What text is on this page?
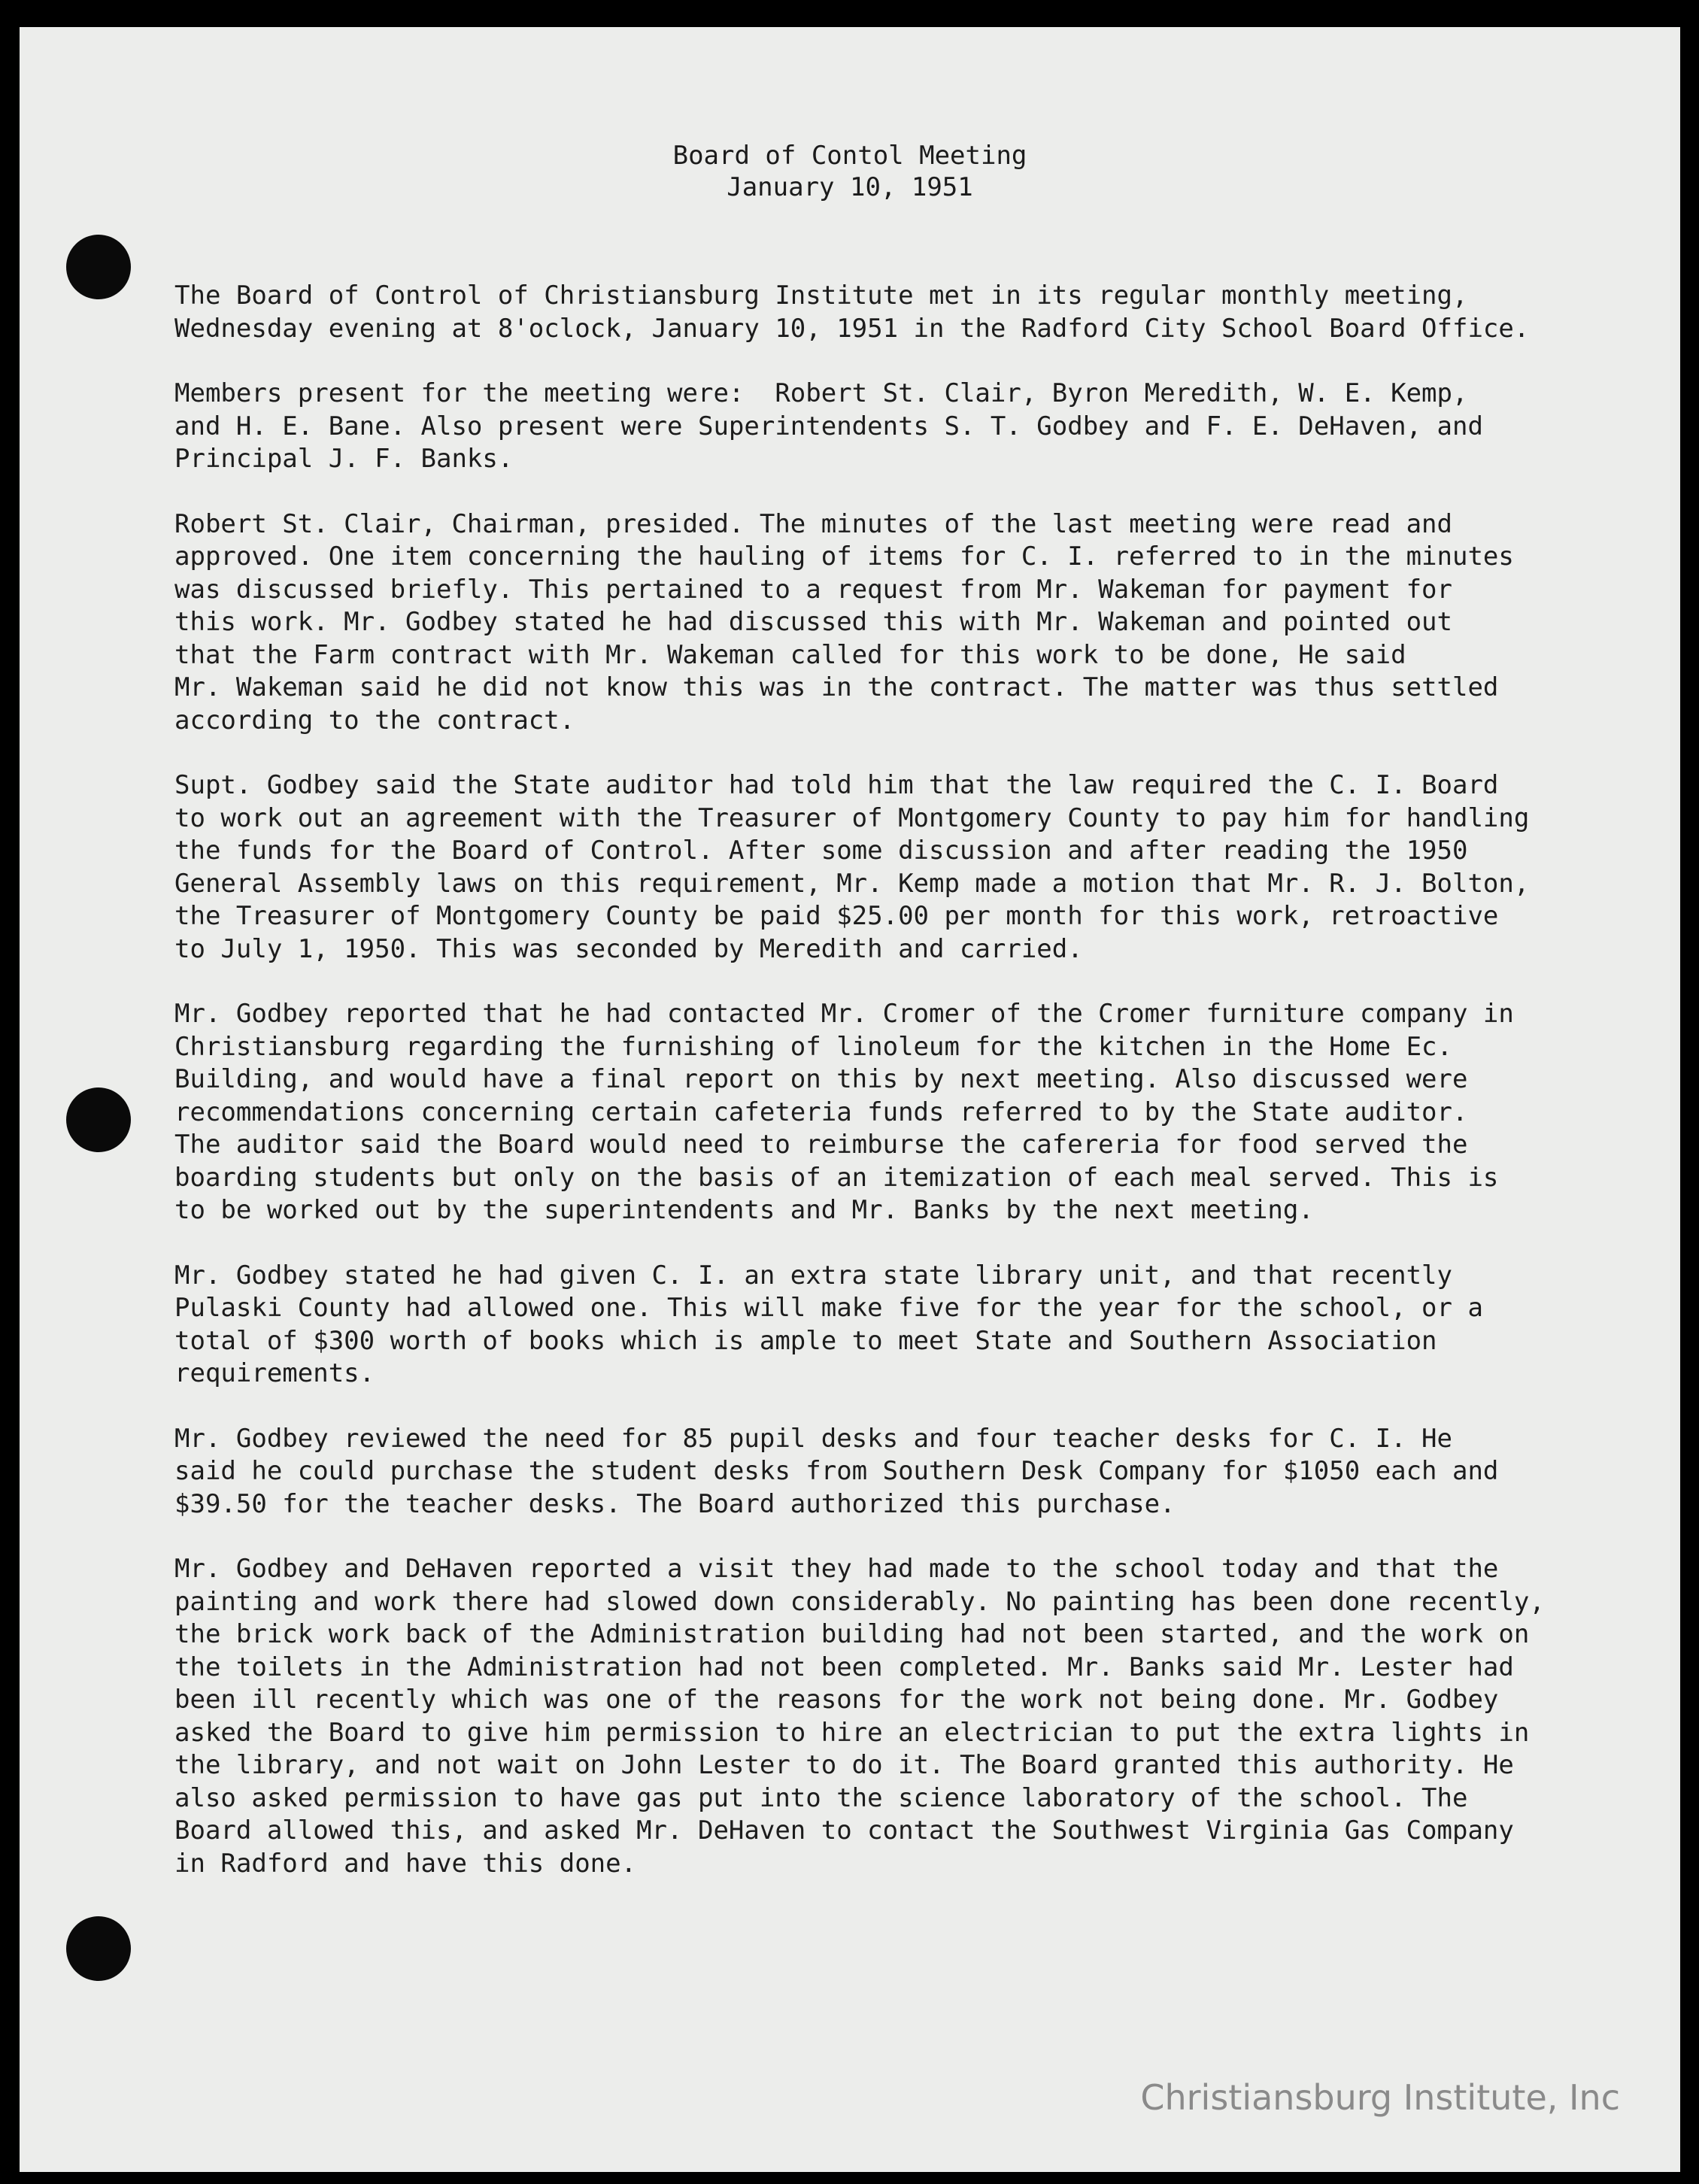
Board of Contol Meeting
January 10, 1951
The Board of Control of Christiansburg Institute met in its regular monthly meeting,
Wednesday evening at 8'oclock, January 10, 1951 in the Radford City School Board Office.
Members present for the meeting were:  Robert St. Clair, Byron Meredith, W. E. Kemp,
and H. E. Bane. Also present were Superintendents S. T. Godbey and F. E. DeHaven, and
Principal J. F. Banks.
Robert St. Clair, Chairman, presided. The minutes of the last meeting were read and
approved. One item concerning the hauling of items for C. I. referred to in the minutes
was discussed briefly. This pertained to a request from Mr. Wakeman for payment for
this work. Mr. Godbey stated he had discussed this with Mr. Wakeman and pointed out
that the Farm contract with Mr. Wakeman called for this work to be done, He said
Mr. Wakeman said he did not know this was in the contract. The matter was thus settled
according to the contract.
Supt. Godbey said the State auditor had told him that the law required the C. I. Board
to work out an agreement with the Treasurer of Montgomery County to pay him for handling
the funds for the Board of Control. After some discussion and after reading the 1950
General Assembly laws on this requirement, Mr. Kemp made a motion that Mr. R. J. Bolton,
the Treasurer of Montgomery County be paid $25.00 per month for this work, retroactive
to July 1, 1950. This was seconded by Meredith and carried.
Mr. Godbey reported that he had contacted Mr. Cromer of the Cromer furniture company in
Christiansburg regarding the furnishing of linoleum for the kitchen in the Home Ec.
Building, and would have a final report on this by next meeting. Also discussed were
recommendations concerning certain cafeteria funds referred to by the State auditor.
The auditor said the Board would need to reimburse the cafereria for food served the
boarding students but only on the basis of an itemization of each meal served. This is
to be worked out by the superintendents and Mr. Banks by the next meeting.
Mr. Godbey stated he had given C. I. an extra state library unit, and that recently
Pulaski County had allowed one. This will make five for the year for the school, or a
total of $300 worth of books which is ample to meet State and Southern Association
requirements.
Mr. Godbey reviewed the need for 85 pupil desks and four teacher desks for C. I. He
said he could purchase the student desks from Southern Desk Company for $1050 each and
$39.50 for the teacher desks. The Board authorized this purchase.
Mr. Godbey and DeHaven reported a visit they had made to the school today and that the
painting and work there had slowed down considerably. No painting has been done recently,
the brick work back of the Administration building had not been started, and the work on
the toilets in the Administration had not been completed. Mr. Banks said Mr. Lester had
been ill recently which was one of the reasons for the work not being done. Mr. Godbey
asked the Board to give him permission to hire an electrician to put the extra lights in
the library, and not wait on John Lester to do it. The Board granted this authority. He
also asked permission to have gas put into the science laboratory of the school. The
Board allowed this, and asked Mr. DeHaven to contact the Southwest Virginia Gas Company
in Radford and have this done.
Christiansburg Institute, Inc
